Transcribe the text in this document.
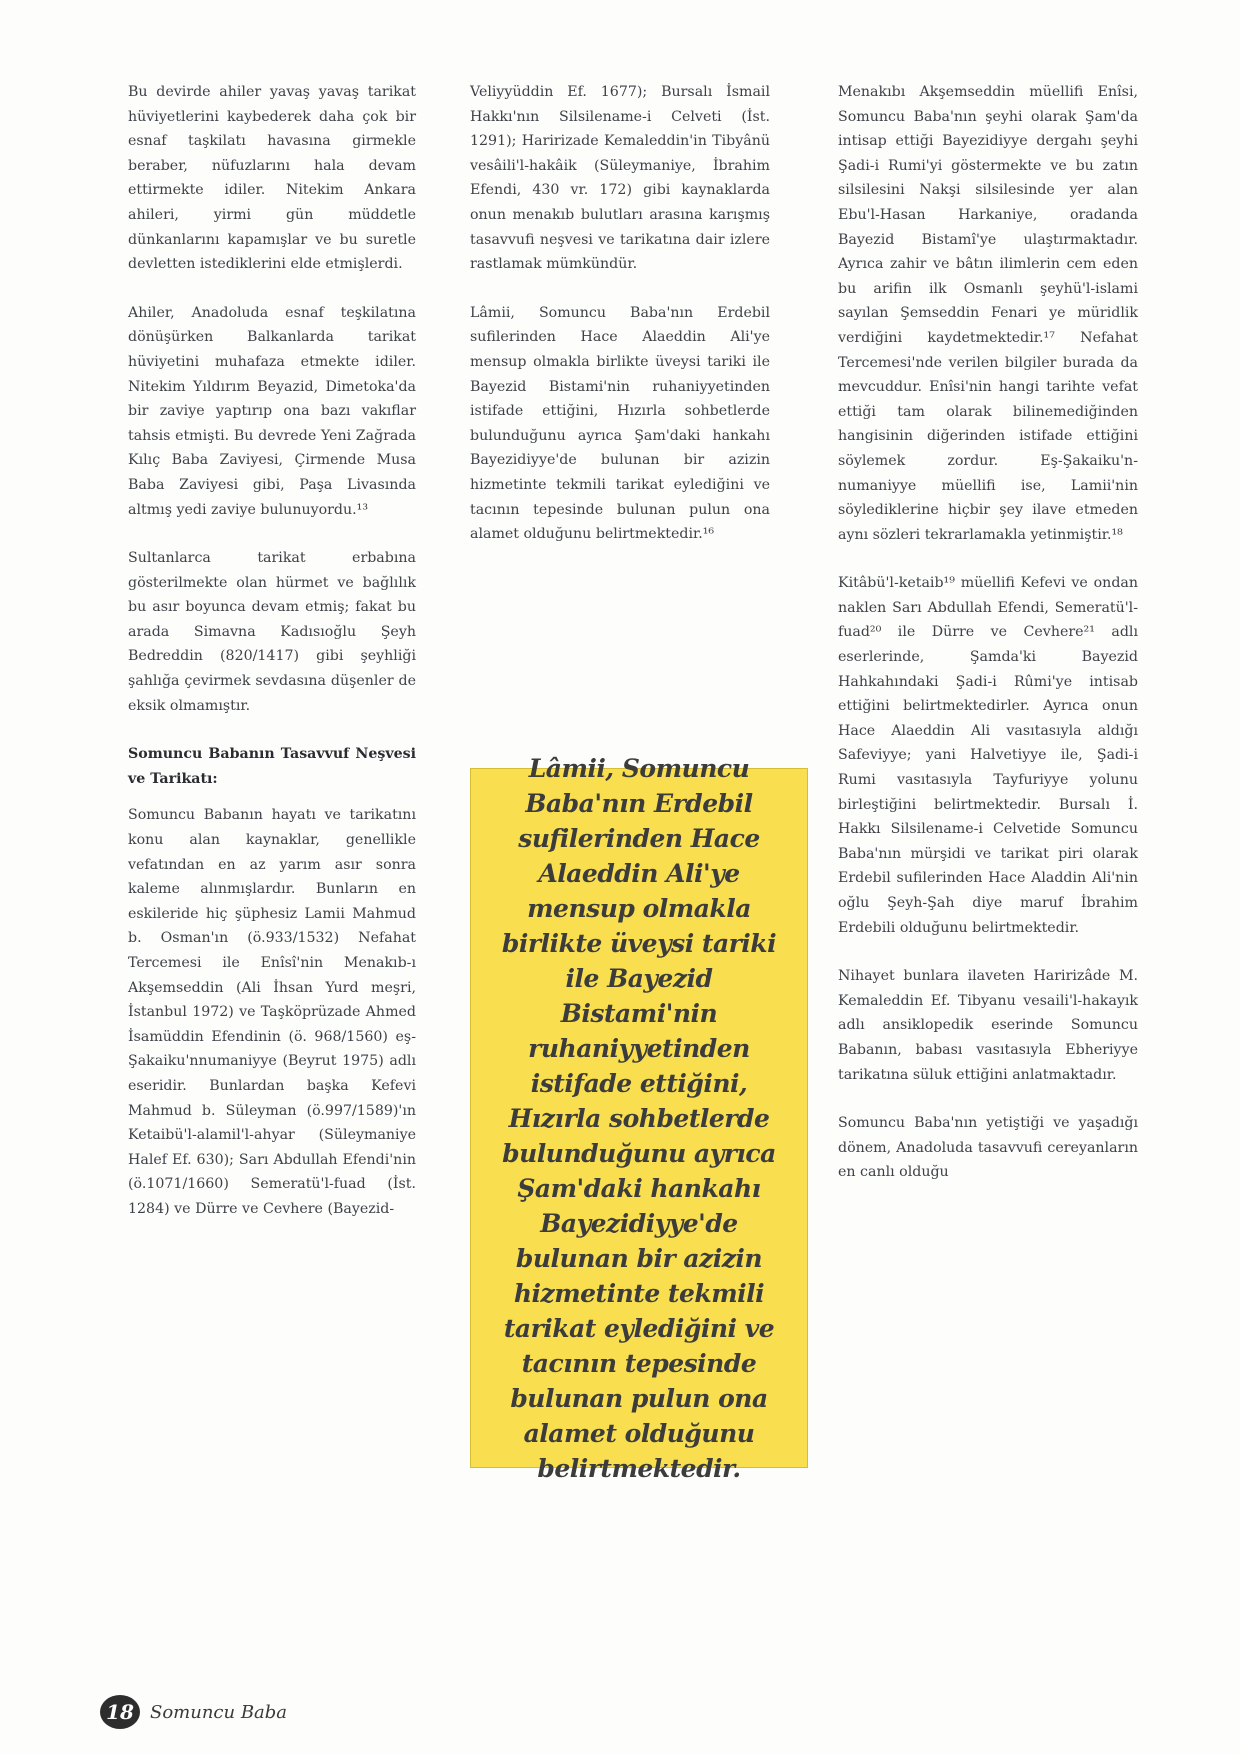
Bu devirde ahiler yavaş yavaş tarikat hüviyetlerini kaybederek daha çok bir esnaf taşkilatı havasına girmekle beraber, nüfuzlarını hala devam ettirmekte idiler. Nitekim Ankara ahileri, yirmi gün müddetle dünkanlarını kapamışlar ve bu suretle devletten istediklerini elde etmişlerdi.

Ahiler, Anadoluda esnaf teşkilatına dönüşürken Balkanlarda tarikat hüviyetini muhafaza etmekte idiler. Nitekim Yıldırım Beyazid, Dimetoka'da bir zaviye yaptırıp ona bazı vakıflar tahsis etmişti. Bu devrede Yeni Zağrada Kılıç Baba Zaviyesi, Çirmende Musa Baba Zaviyesi gibi, Paşa Livasında altmış yedi zaviye bulunuyordu.¹³

Sultanlarca tarikat erbabına gösterilmekte olan hürmet ve bağlılık bu asır boyunca devam etmiş; fakat bu arada Simavna Kadısıoğlu Şeyh Bedreddin (820/1417) gibi şeyhliği şahlığa çevirmek sevdasına düşenler de eksik olmamıştır.

Somuncu Babanın Tasavvuf Neşvesi ve Tarikatı:

Somuncu Babanın hayatı ve tarikatını konu alan kaynaklar, genellikle vefatından en az yarım asır sonra kaleme alınmışlardır. Bunların en eskileride hiç şüphesiz Lamii Mahmud b. Osman'ın (ö.933/1532) Nefahat Tercemesi ile Enîsî'nin Menakıb-ı Akşemseddin (Ali İhsan Yurd meşri, İstanbul 1972) ve Taşköprüzade Ahmed İsamüddin Efendinin (ö. 968/1560) eş- Şakaiku'nnumaniyye (Beyrut 1975) adlı eseridir. Bunlardan başka Kefevi Mahmud b. Süleyman (ö.997/1589)'ın Ketaibü'l-alamil'l-ahyar (Süleymaniye Halef Ef. 630); Sarı Abdullah Efendi'nin (ö.1071/1660) Semeratü'l-fuad (İst. 1284) ve Dürre ve Cevhere (Bayezid-

Veliyyüddin Ef. 1677); Bursalı İsmail Hakkı'nın Silsilename-i Celveti (İst. 1291); Haririzade Kemaleddin'in Tibyânü vesâili'l-hakâik (Süleymaniye, İbrahim Efendi, 430 vr. 172) gibi kaynaklarda onun menakıb bulutları arasına karışmış tasavvufi neşvesi ve tarikatına dair izlere rastlamak mümkündür.

Lâmii, Somuncu Baba'nın Erdebil sufilerinden Hace Alaeddin Ali'ye mensup olmakla birlikte üveysi tariki ile Bayezid Bistami'nin ruhaniyyetinden istifade ettiğini, Hızırla sohbetlerde bulunduğunu ayrıca Şam'daki hankahı Bayezidiyye'de bulunan bir azizin hizmetinte tekmili tarikat eylediğini ve tacının tepesinde bulunan pulun ona alamet olduğunu belirtmektedir.¹⁶

Lâmii, Somuncu Baba'nın Erdebil sufilerinden Hace Alaeddin Ali'ye mensup olmakla birlikte üveysi tariki ile Bayezid Bistami'nin ruhaniyyetinden istifade ettiğini, Hızırla sohbetlerde bulunduğunu ayrıca Şam'daki hankahı Bayezidiyye'de bulunan bir azizin hizmetinte tekmili tarikat eylediğini ve tacının tepesinde bulunan pulun ona alamet olduğunu belirtmektedir.

Menakıbı Akşemseddin müellifi Enîsi, Somuncu Baba'nın şeyhi olarak Şam'da intisap ettiği Bayezidiyye dergahı şeyhi Şadi-i Rumi'yi göstermekte ve bu zatın silsilesini Nakşi silsilesinde yer alan Ebu'l-Hasan Harkaniye, oradanda Bayezid Bistamî'ye ulaştırmaktadır. Ayrıca zahir ve bâtın ilimlerin cem eden bu arifin ilk Osmanlı şeyhü'l-islami sayılan Şemseddin Fenari ye müridlik verdiğini kaydetmektedir.¹⁷ Nefahat Tercemesi'nde verilen bilgiler burada da mevcuddur. Enîsi'nin hangi tarihte vefat ettiği tam olarak bilinemediğinden hangisinin diğerinden istifade ettiğini söylemek zordur. Eş-Şakaiku'n-numaniyye müellifi ise, Lamii'nin söylediklerine hiçbir şey ilave etmeden aynı sözleri tekrarlamakla yetinmiştir.¹⁸

Kitâbü'l-ketaib¹⁹ müellifi Kefevi ve ondan naklen Sarı Abdullah Efendi, Semeratü'l-fuad²⁰ ile Dürre ve Cevhere²¹ adlı eserlerinde, Şamda'ki Bayezid Hahkahındaki Şadi-i Rûmi'ye intisab ettiğini belirtmektedirler. Ayrıca onun Hace Alaeddin Ali vasıtasıyla aldığı Safeviyye; yani Halvetiyye ile, Şadi-i Rumi vasıtasıyla Tayfuriyye yolunu birleştiğini belirtmektedir. Bursalı İ. Hakkı Silsilename-i Celvetide Somuncu Baba'nın mürşidi ve tarikat piri olarak Erdebil sufilerinden Hace Aladdin Ali'nin oğlu Şeyh-Şah diye maruf İbrahim Erdebili olduğunu belirtmektedir.

Nihayet bunlara ilaveten Haririzâde M. Kemaleddin Ef. Tibyanu vesaili'l-hakayık adlı ansiklopedik eserinde Somuncu Babanın, babası vasıtasıyla Ebheriyye tarikatına süluk ettiğini anlatmaktadır.

Somuncu Baba'nın yetiştiği ve yaşadığı dönem, Anadoluda tasavvufi cereyanların en canlı olduğu

18 Somuncu Baba
